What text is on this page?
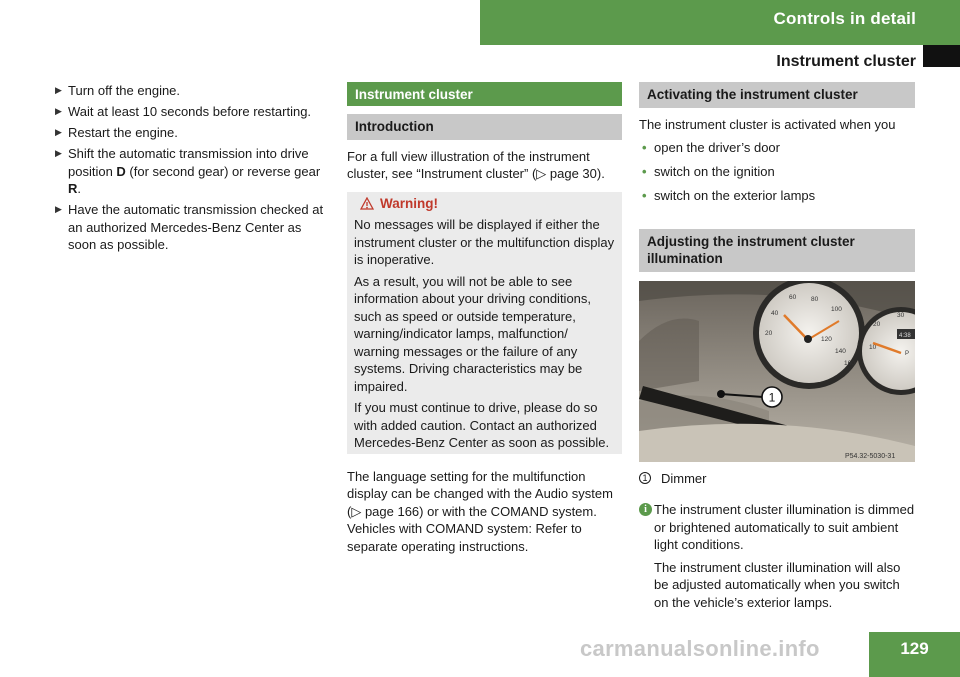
Controls in detail
Instrument cluster
▶ Turn off the engine.
▶ Wait at least 10 seconds before restarting.
▶ Restart the engine.
▶ Shift the automatic transmission into drive position D (for second gear) or reverse gear R.
▶ Have the automatic transmission checked at an authorized Mercedes-Benz Center as soon as possible.
Instrument cluster
Introduction

For a full view illustration of the instrument cluster, see “Instrument cluster” (▷ page 30).

Warning!

No messages will be displayed if either the instrument cluster or the multifunction display is inoperative.

As a result, you will not be able to see information about your driving conditions, such as speed or outside temperature, warning/indicator lamps, malfunction/ warning messages or the failure of any systems. Driving characteristics may be impaired.

If you must continue to drive, please do so with added caution. Contact an authorized Mercedes-Benz Center as soon as possible.

The language setting for the multifunction display can be changed with the Audio system (▷ page 166) or with the COMAND system. Vehicles with COMAND system: Refer to separate operating instructions.

Activating the instrument cluster

The instrument cluster is activated when you

• open the driver’s door
• switch on the ignition
• switch on the exterior lamps
Adjusting the instrument cluster illumination
100
120
140
160
80
60
40
20
20
30
10
4:38
P
1
P54.32-5030-31
1 Dimmer
i The instrument cluster illumination is dimmed or brightened automatically to suit ambient light conditions.

The instrument cluster illumination will also be adjusted automatically when you switch on the vehicle’s exterior lamps.

carmanualsonline.info	129
